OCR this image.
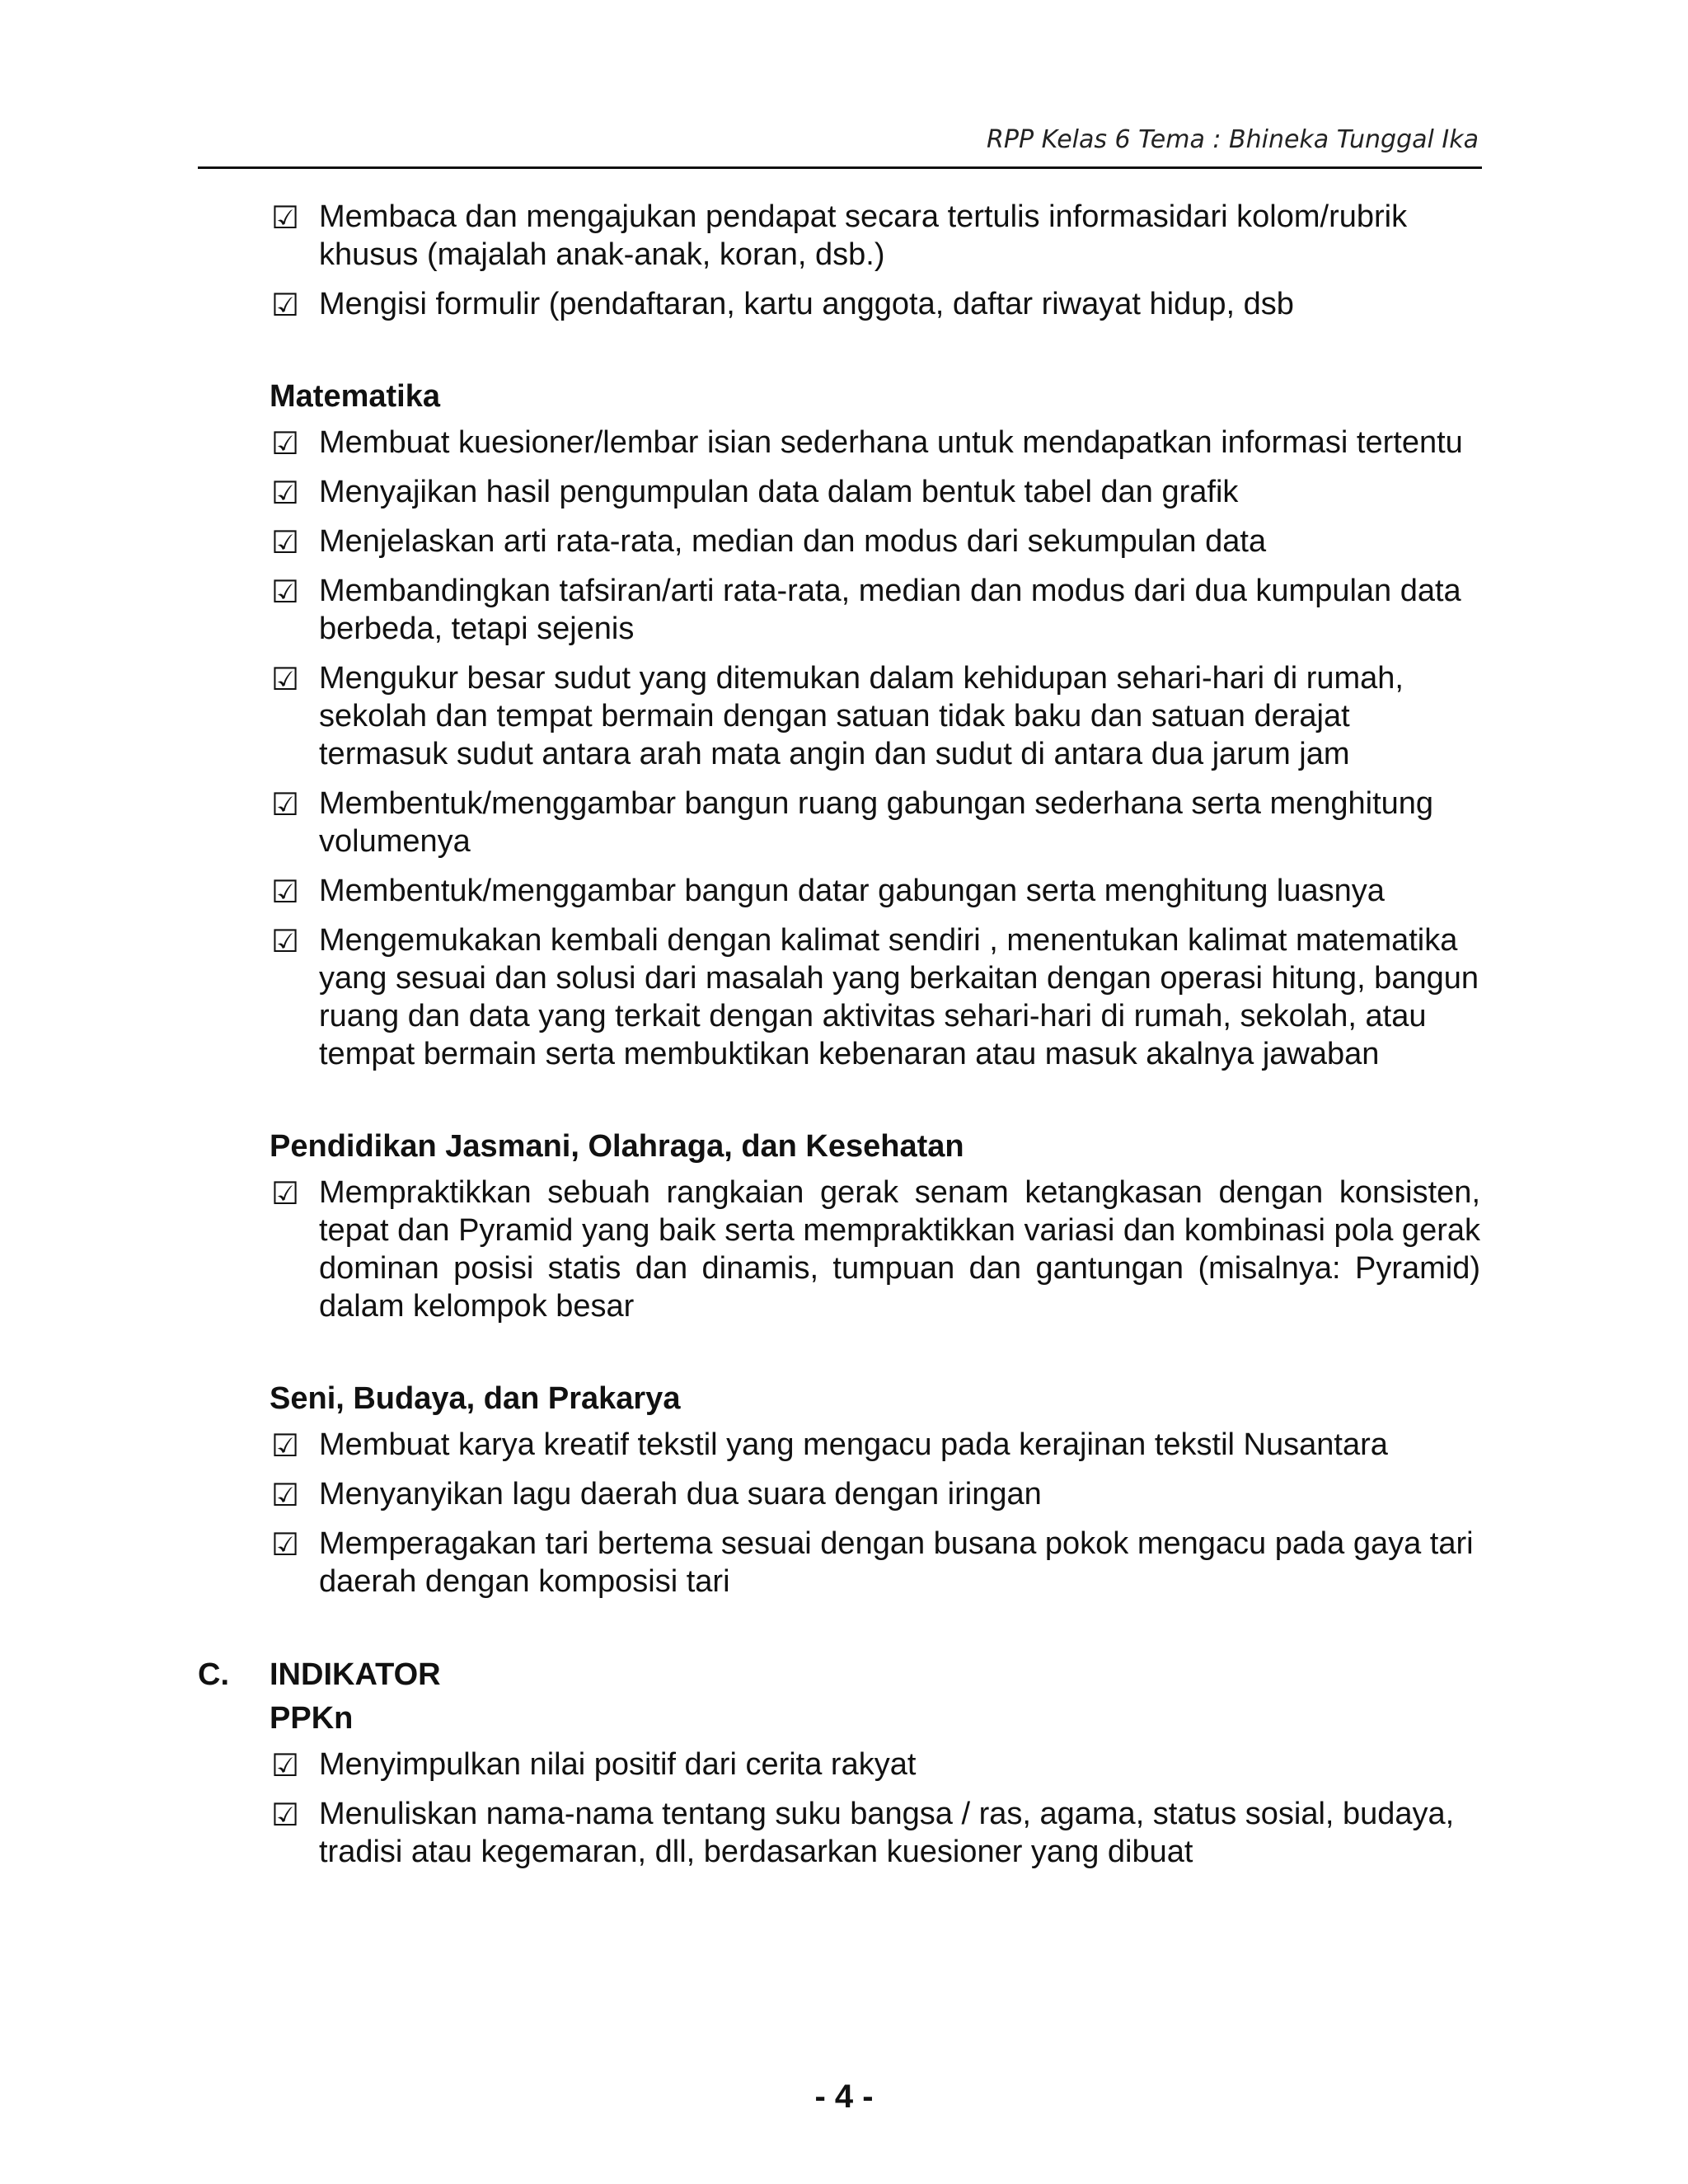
RPP Kelas 6 Tema : Bhineka Tunggal Ika
☑ Membaca dan mengajukan pendapat secara tertulis informasidari kolom/rubrik khusus (majalah anak-anak, koran, dsb.)
☑ Mengisi formulir (pendaftaran, kartu anggota, daftar riwayat hidup, dsb
Matematika
☑ Membuat kuesioner/lembar isian sederhana untuk mendapatkan informasi tertentu
☑ Menyajikan hasil pengumpulan data dalam bentuk tabel dan grafik
☑ Menjelaskan arti rata-rata, median dan modus dari sekumpulan data
☑ Membandingkan tafsiran/arti rata-rata, median dan modus dari dua kumpulan data berbeda, tetapi sejenis
☑ Mengukur besar sudut yang ditemukan dalam kehidupan sehari-hari di rumah, sekolah dan tempat bermain dengan satuan tidak baku dan satuan derajat termasuk sudut antara arah mata angin dan sudut di antara dua jarum jam
☑ Membentuk/menggambar bangun ruang gabungan sederhana serta menghitung volumenya
☑ Membentuk/menggambar bangun datar gabungan serta menghitung luasnya
☑ Mengemukakan kembali dengan kalimat sendiri , menentukan kalimat matematika yang sesuai dan solusi dari masalah yang berkaitan dengan operasi hitung, bangun ruang dan data yang terkait dengan aktivitas sehari-hari di rumah, sekolah, atau tempat bermain serta membuktikan kebenaran atau masuk akalnya jawaban
Pendidikan Jasmani, Olahraga, dan Kesehatan
☑ Mempraktikkan sebuah rangkaian gerak senam ketangkasan dengan konsisten, tepat dan Pyramid yang baik serta mempraktikkan variasi dan kombinasi pola gerak dominan posisi statis dan dinamis, tumpuan dan gantungan (misalnya: Pyramid) dalam kelompok besar
Seni, Budaya, dan Prakarya
☑ Membuat karya kreatif tekstil yang mengacu pada kerajinan tekstil Nusantara
☑ Menyanyikan lagu daerah dua suara dengan iringan
☑ Memperagakan tari bertema sesuai dengan busana pokok mengacu pada gaya tari daerah dengan komposisi tari
C. INDIKATOR
PPKn
☑ Menyimpulkan nilai positif dari cerita rakyat
☑ Menuliskan nama-nama tentang suku bangsa / ras, agama, status sosial, budaya, tradisi atau kegemaran, dll, berdasarkan kuesioner yang dibuat
- 4 -
